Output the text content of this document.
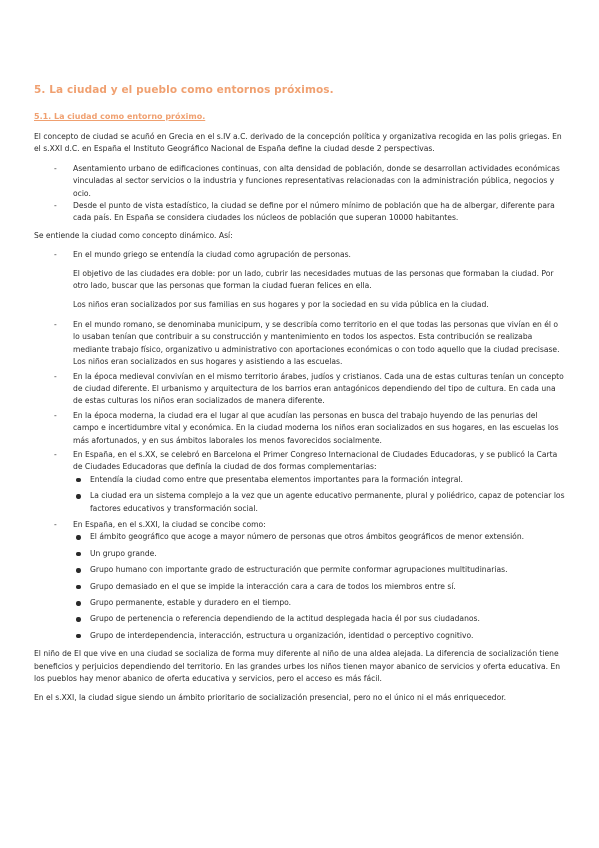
5. La ciudad y el pueblo como entornos próximos.
5.1. La ciudad como entorno próximo.

El concepto de ciudad se acuñó en Grecia en el s.IV a.C. derivado de la concepción política y organizativa recogida en las polis griegas. En el s.XXI d.C. en España el Instituto Geográfico Nacional de España define la ciudad desde 2 perspectivas.

- Asentamiento urbano de edificaciones continuas, con alta densidad de población, donde se desarrollan actividades económicas vinculadas al sector servicios o la industria y funciones representativas relacionadas con la administración pública, negocios y ocio.
- Desde el punto de vista estadístico, la ciudad se define por el número mínimo de población que ha de albergar, diferente para cada país. En España se considera ciudades los núcleos de población que superan 10000 habitantes.

Se entiende la ciudad como concepto dinámico. Así:

- En el mundo griego se entendía la ciudad como agrupación de personas.

El objetivo de las ciudades era doble: por un lado, cubrir las necesidades mutuas de las personas que formaban la ciudad. Por otro lado, buscar que las personas que forman la ciudad fueran felices en ella.

Los niños eran socializados por sus familias en sus hogares y por la sociedad en su vida pública en la ciudad.

- En el mundo romano, se denominaba municipum, y se describía como territorio en el que todas las personas que vivían en él o lo usaban tenían que contribuir a su construcción y mantenimiento en todos los aspectos. Esta contribución se realizaba mediante trabajo físico, organizativo u administrativo con aportaciones económicas o con todo aquello que la ciudad precisase. Los niños eran socializados en sus hogares y asistiendo a las escuelas.
- En la época medieval convivían en el mismo territorio árabes, judíos y cristianos. Cada una de estas culturas tenían un concepto de ciudad diferente. El urbanismo y arquitectura de los barrios eran antagónicos dependiendo del tipo de cultura. En cada una de estas culturas los niños eran socializados de manera diferente.
- En la época moderna, la ciudad era el lugar al que acudían las personas en busca del trabajo huyendo de las penurias del campo e incertidumbre vital y económica. En la ciudad moderna los niños eran socializados en sus hogares, en las escuelas los más afortunados, y en sus ámbitos laborales los menos favorecidos socialmente.
- En España, en el s.XX, se celebró en Barcelona el Primer Congreso Internacional de Ciudades Educadoras, y se publicó la Carta de Ciudades Educadoras que definía la ciudad de dos formas complementarias:
Entendía la ciudad como entre que presentaba elementos importantes para la formación integral.
La ciudad era un sistema complejo a la vez que un agente educativo permanente, plural y poliédrico, capaz de potenciar los factores educativos y transformación social.
- En España, en el s.XXI, la ciudad se concibe como:
El ámbito geográfico que acoge a mayor número de personas que otros ámbitos geográficos de menor extensión.
Un grupo grande.
Grupo humano con importante grado de estructuración que permite conformar agrupaciones multitudinarias.
Grupo demasiado en el que se impide la interacción cara a cara de todos los miembros entre sí.
Grupo permanente, estable y duradero en el tiempo.
Grupo de pertenencia o referencia dependiendo de la actitud desplegada hacia él por sus ciudadanos.
Grupo de interdependencia, interacción, estructura u organización, identidad o perceptivo cognitivo.

El niño de EI que vive en una ciudad se socializa de forma muy diferente al niño de una aldea alejada. La diferencia de socialización tiene beneficios y perjuicios dependiendo del territorio. En las grandes urbes los niños tienen mayor abanico de servicios y oferta educativa. En los pueblos hay menor abanico de oferta educativa y servicios, pero el acceso es más fácil.

En el s.XXI, la ciudad sigue siendo un ámbito prioritario de socialización presencial, pero no el único ni el más enriquecedor.
